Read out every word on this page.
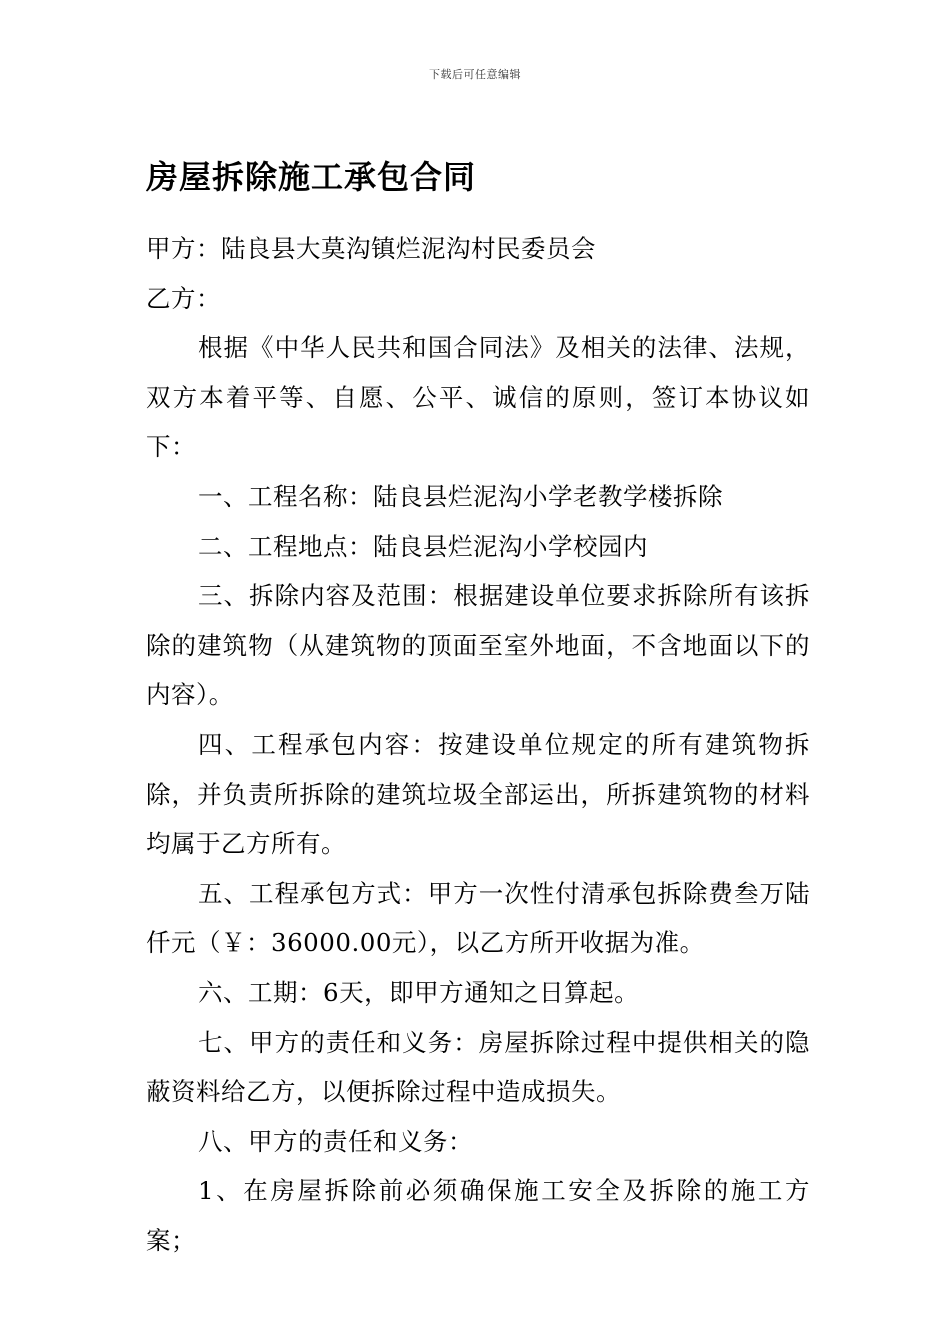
下载后可任意编辑
房屋拆除施工承包合同

甲方：陆良县大莫沟镇烂泥沟村民委员会

乙方：

根据《中华人民共和国合同法》及相关的法律、法规，双方本着平等、自愿、公平、诚信的原则，签订本协议如下：

一、工程名称：陆良县烂泥沟小学老教学楼拆除

二、工程地点：陆良县烂泥沟小学校园内

三、拆除内容及范围：根据建设单位要求拆除所有该拆除的建筑物（从建筑物的顶面至室外地面，不含地面以下的内容）。

四、工程承包内容：按建设单位规定的所有建筑物拆除，并负责所拆除的建筑垃圾全部运出，所拆建筑物的材料均属于乙方所有。

五、工程承包方式：甲方一次性付清承包拆除费叁万陆仟元（￥：36000.00元），以乙方所开收据为准。

六、工期：6天，即甲方通知之日算起。

七、甲方的责任和义务：房屋拆除过程中提供相关的隐蔽资料给乙方，以便拆除过程中造成损失。

八、甲方的责任和义务：

1、在房屋拆除前必须确保施工安全及拆除的施工方案；
